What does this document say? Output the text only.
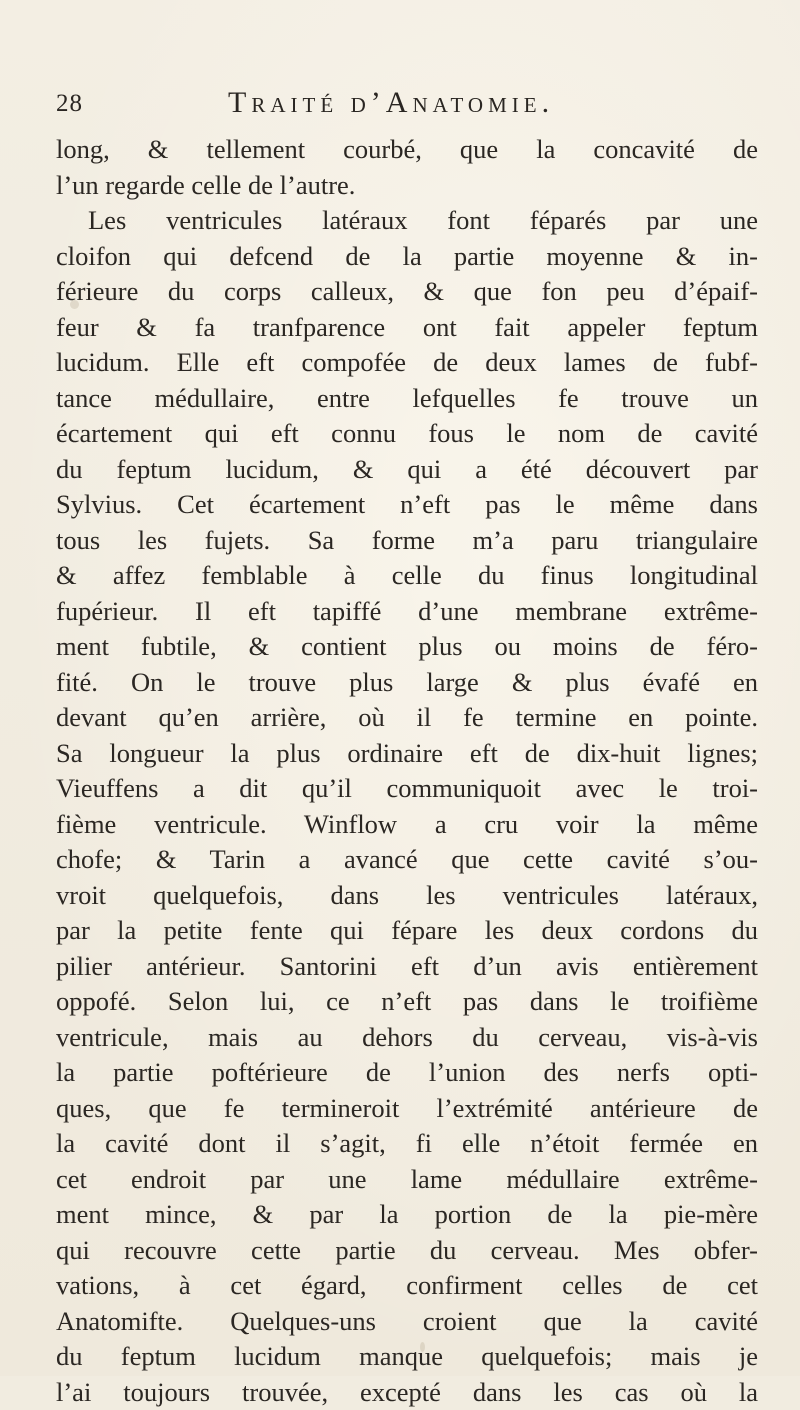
28	Traité d’Anatomie.
long, & tellement courbé, que la concavité de
l’un regarde celle de l’autre.
Les ventricules latéraux font féparés par une
cloifon qui defcend de la partie moyenne & in-
férieure du corps calleux, & que fon peu d’épaif-
feur & fa tranfparence ont fait appeler feptum
lucidum. Elle eft compofée de deux lames de fubf-
tance médullaire, entre lefquelles fe trouve un
écartement qui eft connu fous le nom de cavité
du feptum lucidum, & qui a été découvert par
Sylvius. Cet écartement n’eft pas le même dans
tous les fujets. Sa forme m’a paru triangulaire
& affez femblable à celle du finus longitudinal
fupérieur. Il eft tapiffé d’une membrane extrême-
ment fubtile, & contient plus ou moins de féro-
fité. On le trouve plus large & plus évafé en
devant qu’en arrière, où il fe termine en pointe.
Sa longueur la plus ordinaire eft de dix-huit lignes;
Vieuffens a dit qu’il communiquoit avec le troi-
fième ventricule. Winflow a cru voir la même
chofe; & Tarin a avancé que cette cavité s’ou-
vroit quelquefois, dans les ventricules latéraux,
par la petite fente qui fépare les deux cordons du
pilier antérieur. Santorini eft d’un avis entièrement
oppofé. Selon lui, ce n’eft pas dans le troifième
ventricule, mais au dehors du cerveau, vis-à-vis
la partie poftérieure de l’union des nerfs opti-
ques, que fe termineroit l’extrémité antérieure de
la cavité dont il s’agit, fi elle n’étoit fermée en
cet endroit par une lame médullaire extrême-
ment mince, & par la portion de la pie-mère
qui recouvre cette partie du cerveau. Mes obfer-
vations, à cet égard, confirment celles de cet
Anatomifte. Quelques-uns croient que la cavité
du feptum lucidum manque quelquefois; mais je
l’ai toujours trouvée, excepté dans les cas où la
